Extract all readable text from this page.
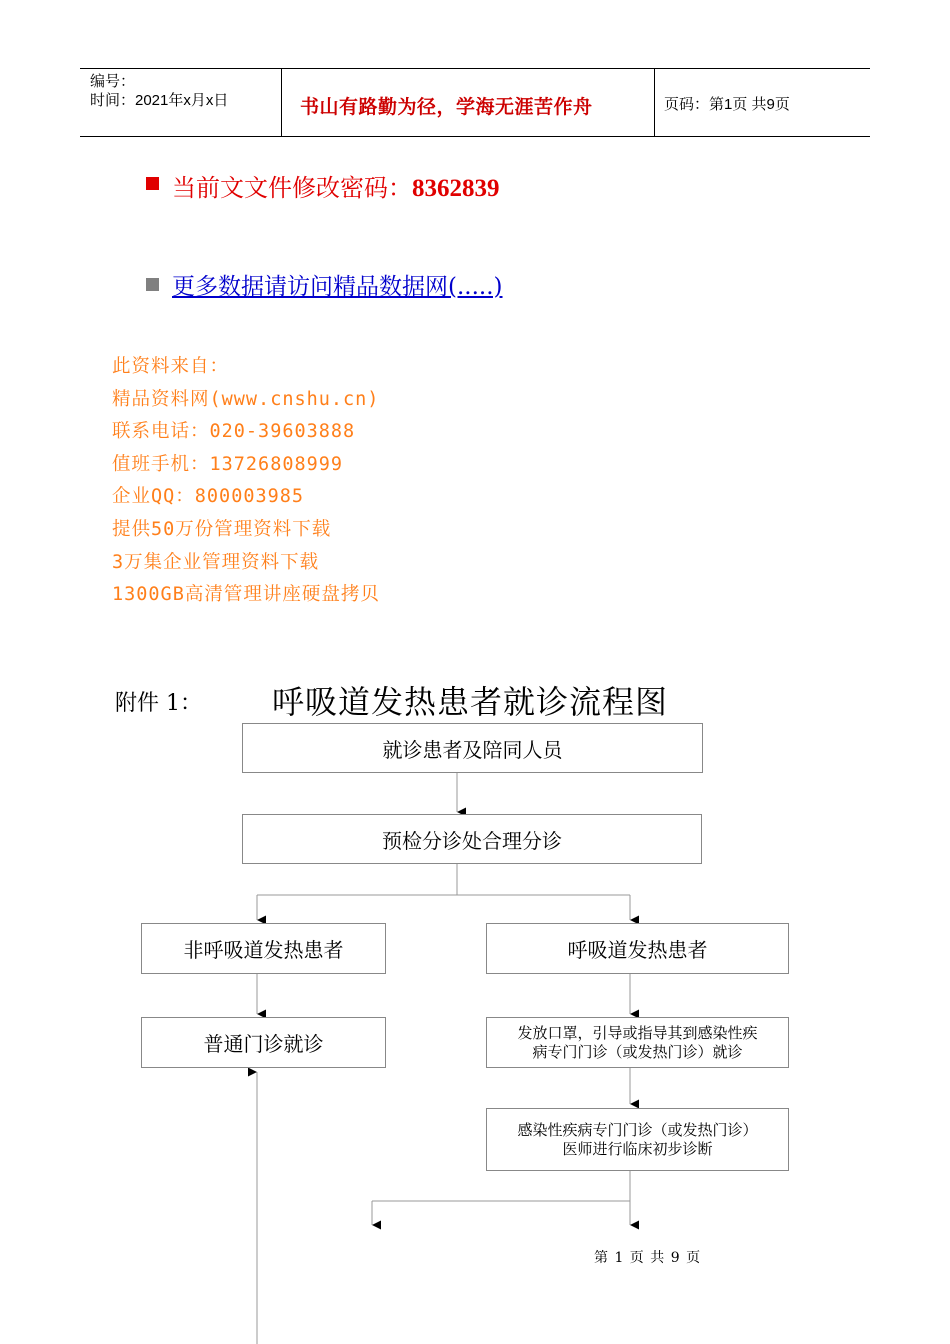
编号：
时间：2021年x月x日	书山有路勤为径，学海无涯苦作舟	页码：第1页 共9页
当前文文件修改密码：8362839
更多数据请访问精品数据网(.....)
此资料来自：
精品资料网(www.cnshu.cn)
联系电话：020-39603888
值班手机：13726808999
企业QQ：800003985
提供50万份管理资料下载
3万集企业管理资料下载
1300GB高清管理讲座硬盘拷贝
附件 1： 呼吸道发热患者就诊流程图
就诊患者及陪同人员
预检分诊处合理分诊
非呼吸道发热患者	呼吸道发热患者
普通门诊就诊	发放口罩，引导或指导其到感染性疾
病专门门诊（或发热门诊）就诊
感染性疾病专门门诊（或发热门诊）
医师进行临床初步诊断
第 1 页 共 9 页
